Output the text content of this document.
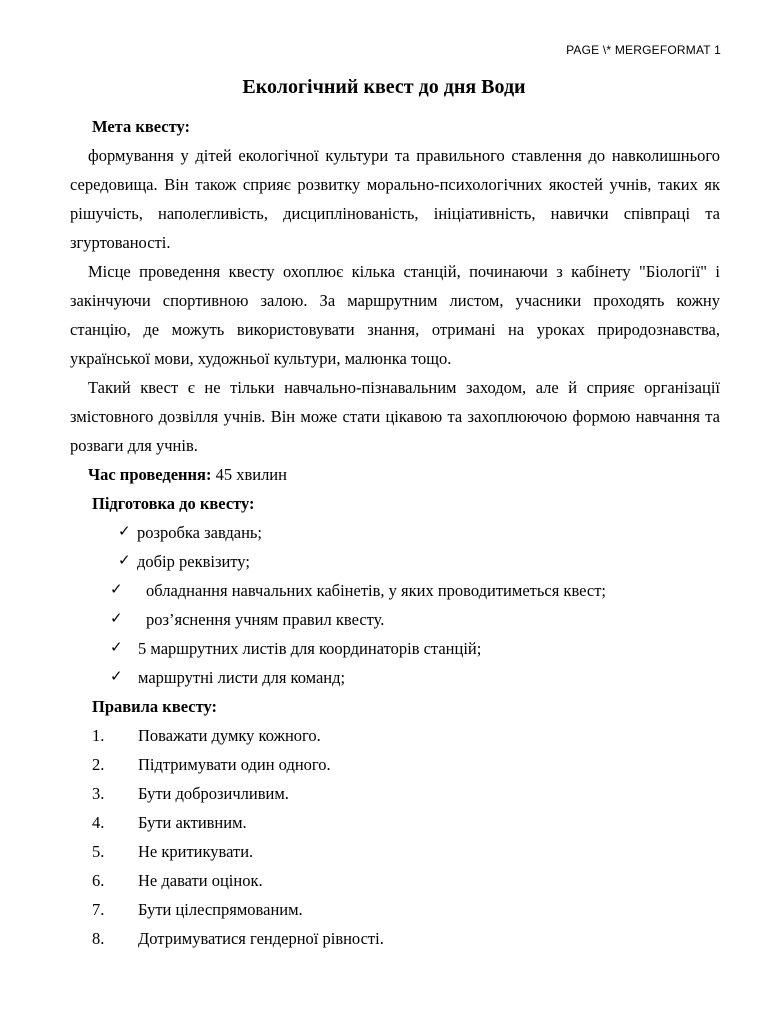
PAGE \* MERGEFORMAT 1
Екологічний квест до дня Води
Мета квесту:

формування у дітей екологічної культури та правильного ставлення до навколишнього середовища. Він також сприяє розвитку морально-психологічних якостей учнів, таких як рішучість, наполегливість, дисциплінованість, ініціативність, навички співпраці та згуртованості.

Місце проведення квесту охоплює кілька станцій, починаючи з кабінету "Біології" і закінчуючи спортивною залою. За маршрутним листом, учасники проходять кожну станцію, де можуть використовувати знання, отримані на уроках природознавства, української мови, художньої культури, малюнка тощо.

Такий квест є не тільки навчально-пізнавальним заходом, але й сприяє організації змістовного дозвілля учнів. Він може стати цікавою та захоплюючою формою навчання та розваги для учнів.

Час проведення: 45 хвилин
Підготовка до квесту:
✓ розробка завдань;
✓ добір реквізиту;
✓ обладнання навчальних кабінетів, у яких проводитиметься квест;
✓ роз’яснення учням правил квесту.
✓ 5 маршрутних листів для координаторів станцій;
✓ маршрутні листи для команд;
Правила квесту:
1. Поважати думку кожного.
2. Підтримувати один одного.
3. Бути доброзичливим.
4. Бути активним.
5. Не критикувати.
6. Не давати оцінок.
7. Бути цілеспрямованим.
8. Дотримуватися гендерної рівності.
